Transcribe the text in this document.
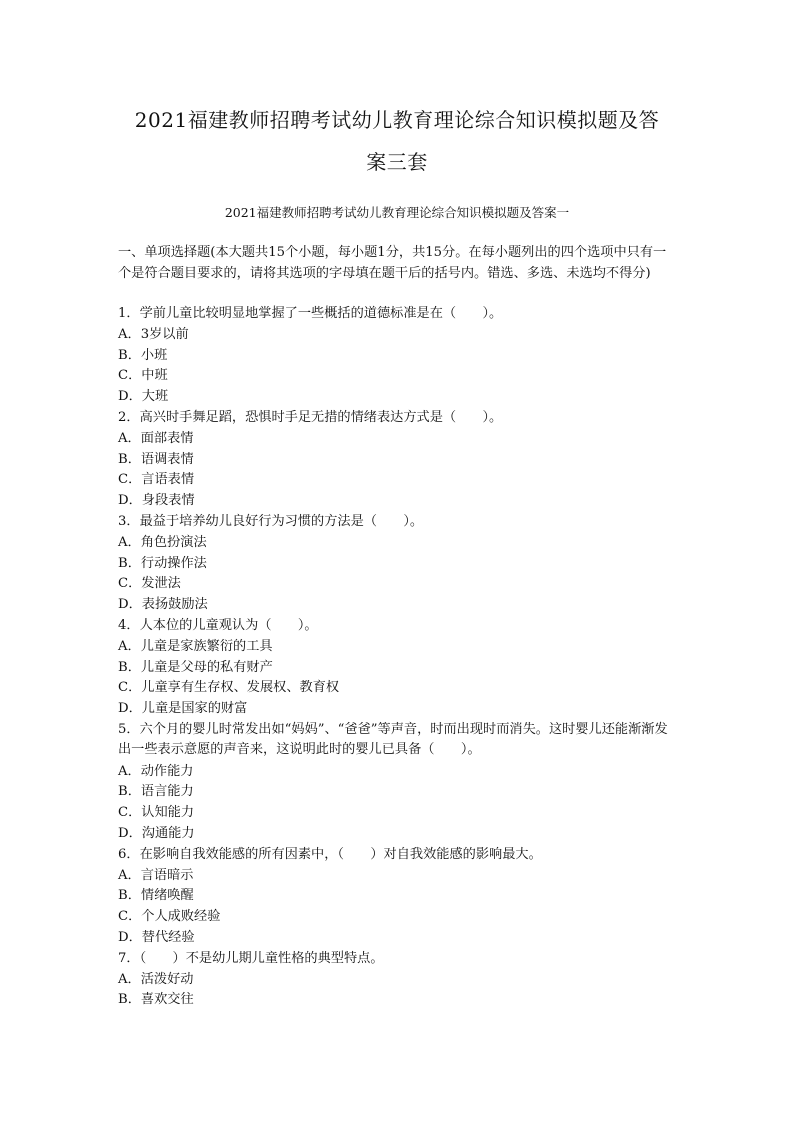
2021福建教师招聘考试幼儿教育理论综合知识模拟题及答
案三套
2021福建教师招聘考试幼儿教育理论综合知识模拟题及答案一
一、单项选择题(本大题共15个小题，每小题1分，共15分。在每小题列出的四个选项中只有一个是符合题目要求的，请将其选项的字母填在题干后的括号内。错选、多选、未选均不得分)
1．学前儿童比较明显地掌握了一些概括的道德标准是在（　　）。
A．3岁以前
B．小班
C．中班
D．大班
2．高兴时手舞足蹈，恐惧时手足无措的情绪表达方式是（　　）。
A．面部表情
B．语调表情
C．言语表情
D．身段表情
3．最益于培养幼儿良好行为习惯的方法是（　　）。
A．角色扮演法
B．行动操作法
C．发泄法
D．表扬鼓励法
4．人本位的儿童观认为（　　）。
A．儿童是家族繁衍的工具
B．儿童是父母的私有财产
C．儿童享有生存权、发展权、教育权
D．儿童是国家的财富
5．六个月的婴儿时常发出如“妈妈”、“爸爸”等声音，时而出现时而消失。这时婴儿还能渐渐发出一些表示意愿的声音来，这说明此时的婴儿已具备（　　）。
A．动作能力
B．语言能力
C．认知能力
D．沟通能力
6．在影响自我效能感的所有因素中，（　　）对自我效能感的影响最大。
A．言语暗示
B．情绪唤醒
C．个人成败经验
D．替代经验
7．（　　）不是幼儿期儿童性格的典型特点。
A．活泼好动
B．喜欢交往
